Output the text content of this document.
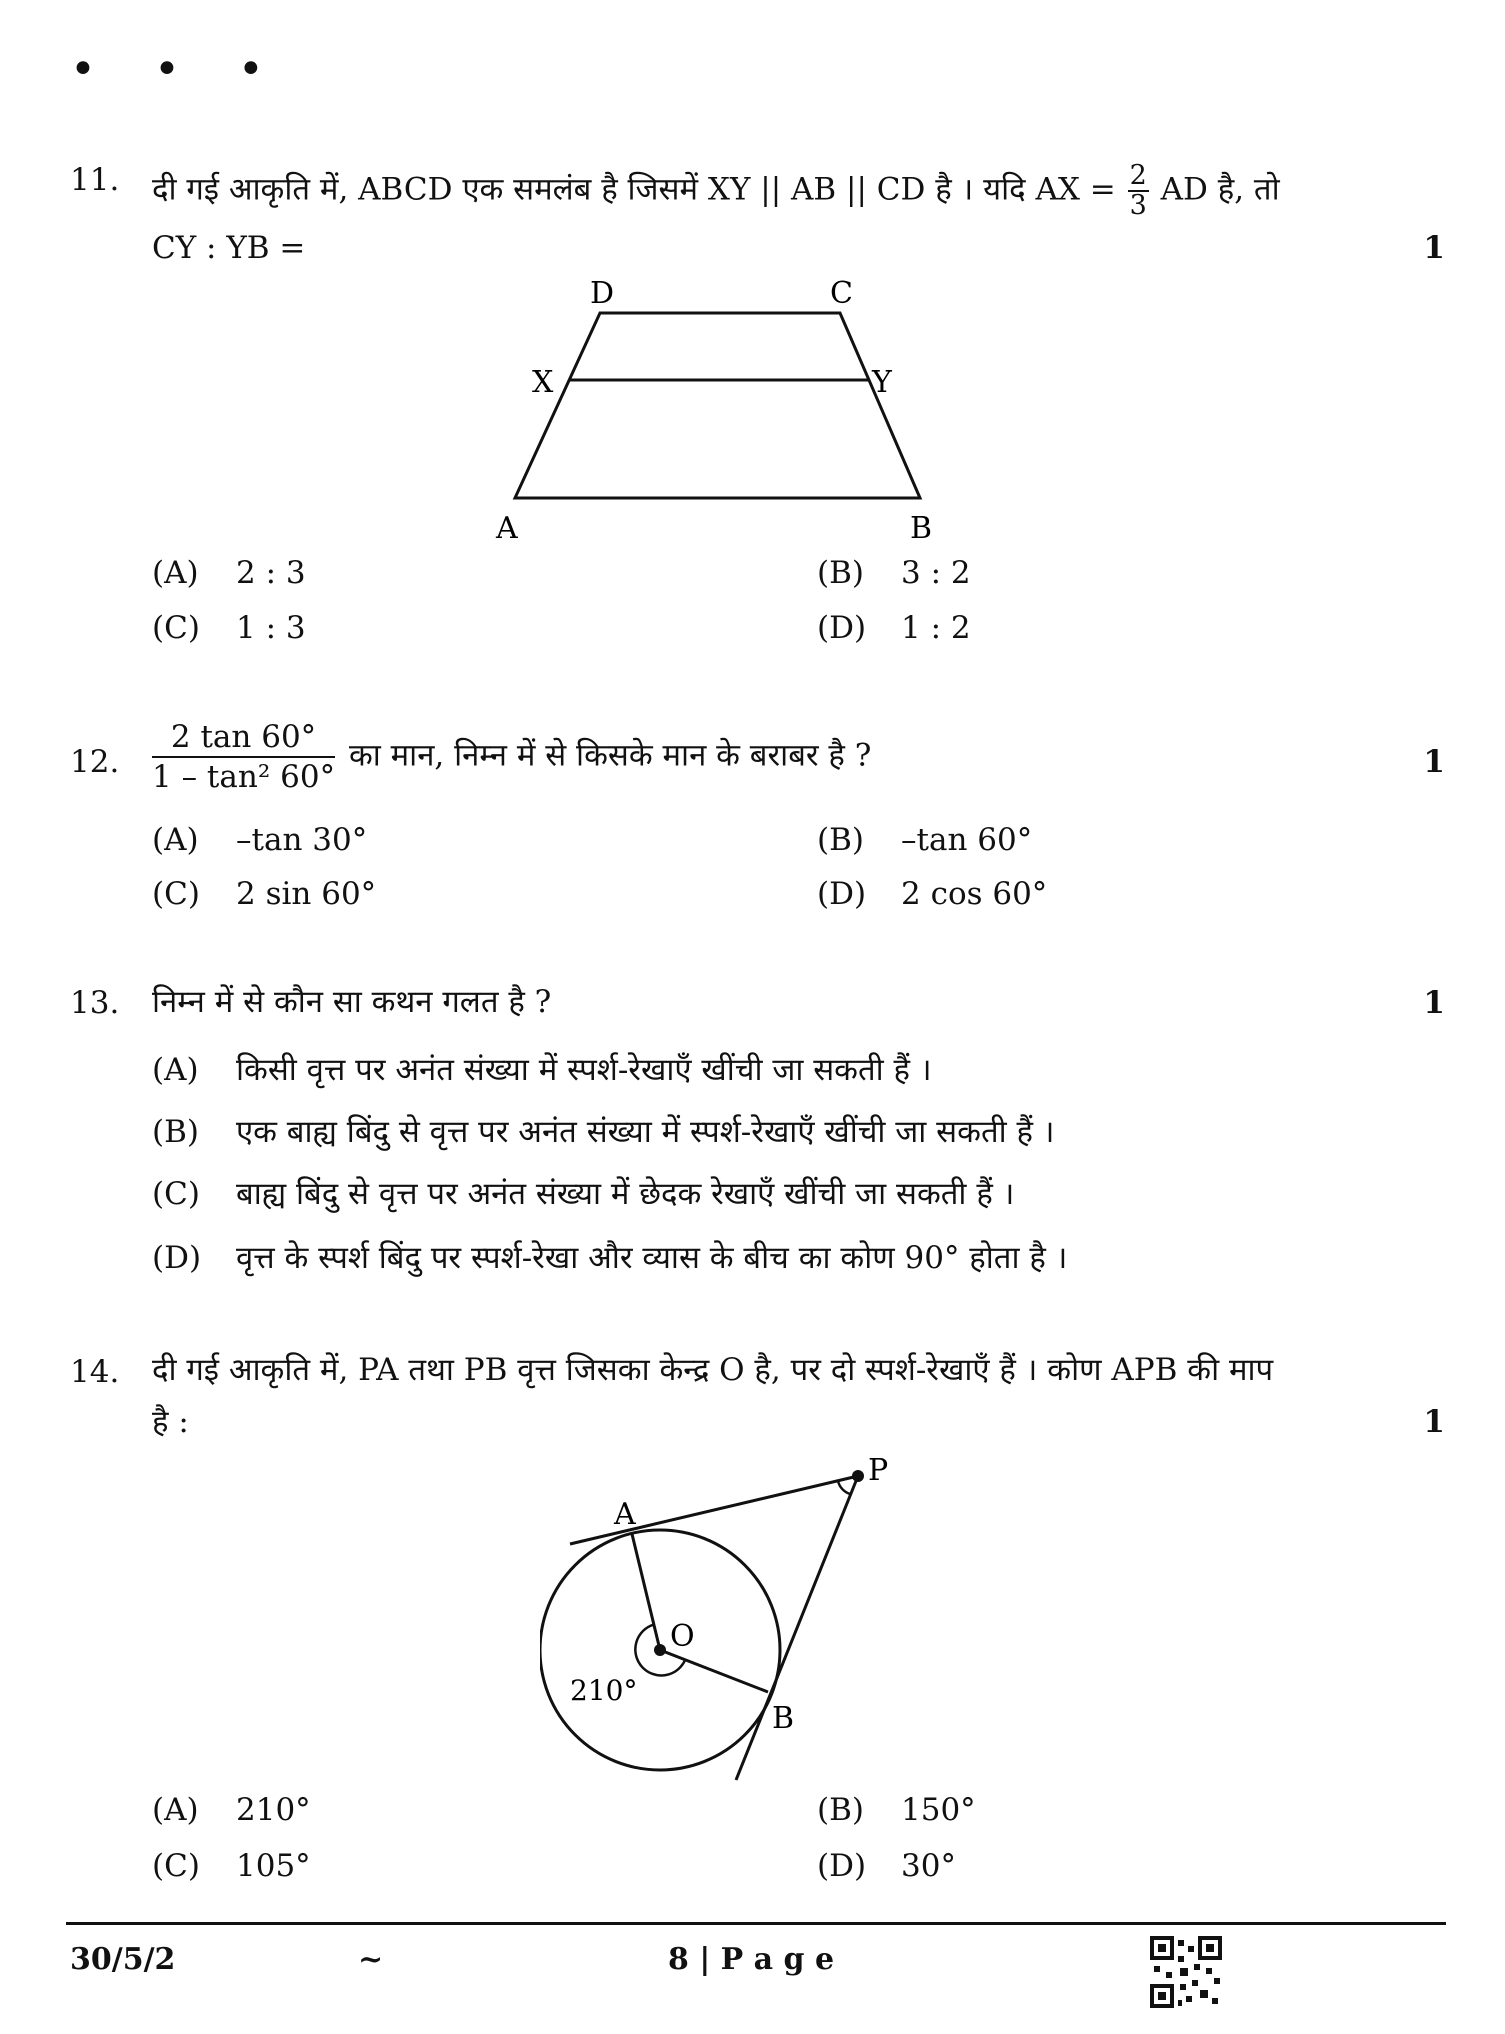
• • •
11. दी गई आकृति में, ABCD एक समलंब है जिसमें XY || AB || CD है । यदि AX = $\frac{2}{3}$ AD है, तो
CY : YB =	1
D	C
X	Y
A	B
(A) 2 : 3	(B) 3 : 2
(C) 1 : 3	(D) 1 : 2
12. $\frac{2 \tan 60^\circ}{\text{1 – tan² 60°}}$ का मान, निम्न में से किसके मान के बराबर है ?	1
(A) –tan 30°	(B) –tan 60°
(C) 2 sin 60°	(D) 2 cos 60°
13. निम्न में से कौन सा कथन गलत है ?	1
(A) किसी वृत्त पर अनंत संख्या में स्पर्श-रेखाएँ खींची जा सकती हैं ।
(B) एक बाह्य बिंदु से वृत्त पर अनंत संख्या में स्पर्श-रेखाएँ खींची जा सकती हैं ।
(C) बाह्य बिंदु से वृत्त पर अनंत संख्या में छेदक रेखाएँ खींची जा सकती हैं ।
(D) वृत्त के स्पर्श बिंदु पर स्पर्श-रेखा और व्यास के बीच का कोण 90° होता है ।
14. दी गई आकृति में, PA तथा PB वृत्त जिसका केन्द्र O है, पर दो स्पर्श-रेखाएँ हैं । कोण APB की माप
है :	1
P
A
O
B
210°
(A) 210°	(B) 150°
(C) 105°	(D) 30°
30/5/2	~	8 | P a g e
